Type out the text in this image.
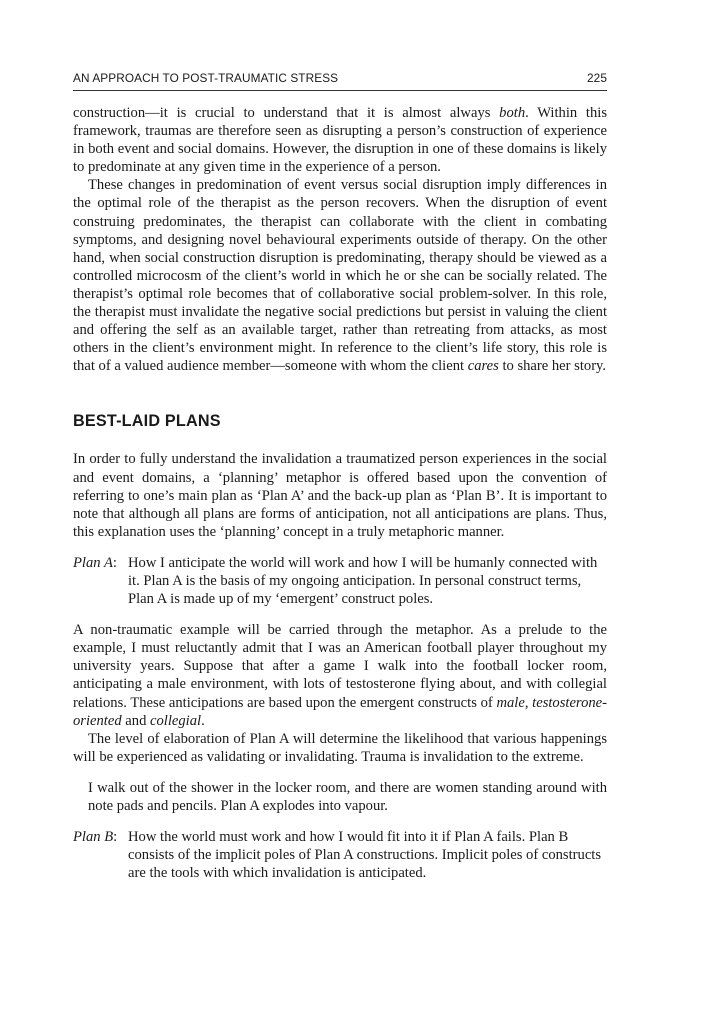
AN APPROACH TO POST-TRAUMATIC STRESS	225

construction—it is crucial to understand that it is almost always both. Within this framework, traumas are therefore seen as disrupting a person’s construction of experience in both event and social domains. However, the disruption in one of these domains is likely to predominate at any given time in the experience of a person.

These changes in predomination of event versus social disruption imply differences in the optimal role of the therapist as the person recovers. When the disruption of event construing predominates, the therapist can collaborate with the client in combating symptoms, and designing novel behavioural experiments outside of therapy. On the other hand, when social construction disruption is predominating, therapy should be viewed as a controlled microcosm of the client’s world in which he or she can be socially related. The therapist’s optimal role becomes that of collaborative social problem-solver. In this role, the therapist must invalidate the negative social predictions but persist in valuing the client and offering the self as an available target, rather than retreating from attacks, as most others in the client’s environment might. In reference to the client’s life story, this role is that of a valued audience member—someone with whom the client cares to share her story.

BEST-LAID PLANS

In order to fully understand the invalidation a traumatized person experiences in the social and event domains, a ‘planning’ metaphor is offered based upon the convention of referring to one’s main plan as ‘Plan A’ and the back-up plan as ‘Plan B’. It is important to note that although all plans are forms of anticipation, not all anticipations are plans. Thus, this explanation uses the ‘planning’ concept in a truly metaphoric manner.

Plan A: How I anticipate the world will work and how I will be humanly connected with it. Plan A is the basis of my ongoing anticipation. In personal construct terms, Plan A is made up of my ‘emergent’ construct poles.

A non-traumatic example will be carried through the metaphor. As a prelude to the example, I must reluctantly admit that I was an American football player throughout my university years. Suppose that after a game I walk into the football locker room, anticipating a male environment, with lots of testosterone flying about, and with collegial relations. These anticipations are based upon the emergent constructs of male, testosterone-oriented and collegial.

The level of elaboration of Plan A will determine the likelihood that various happenings will be experienced as validating or invalidating. Trauma is invalidation to the extreme.

I walk out of the shower in the locker room, and there are women standing around with note pads and pencils. Plan A explodes into vapour.

Plan B: How the world must work and how I would fit into it if Plan A fails. Plan B consists of the implicit poles of Plan A constructions. Implicit poles of constructs are the tools with which invalidation is anticipated.
